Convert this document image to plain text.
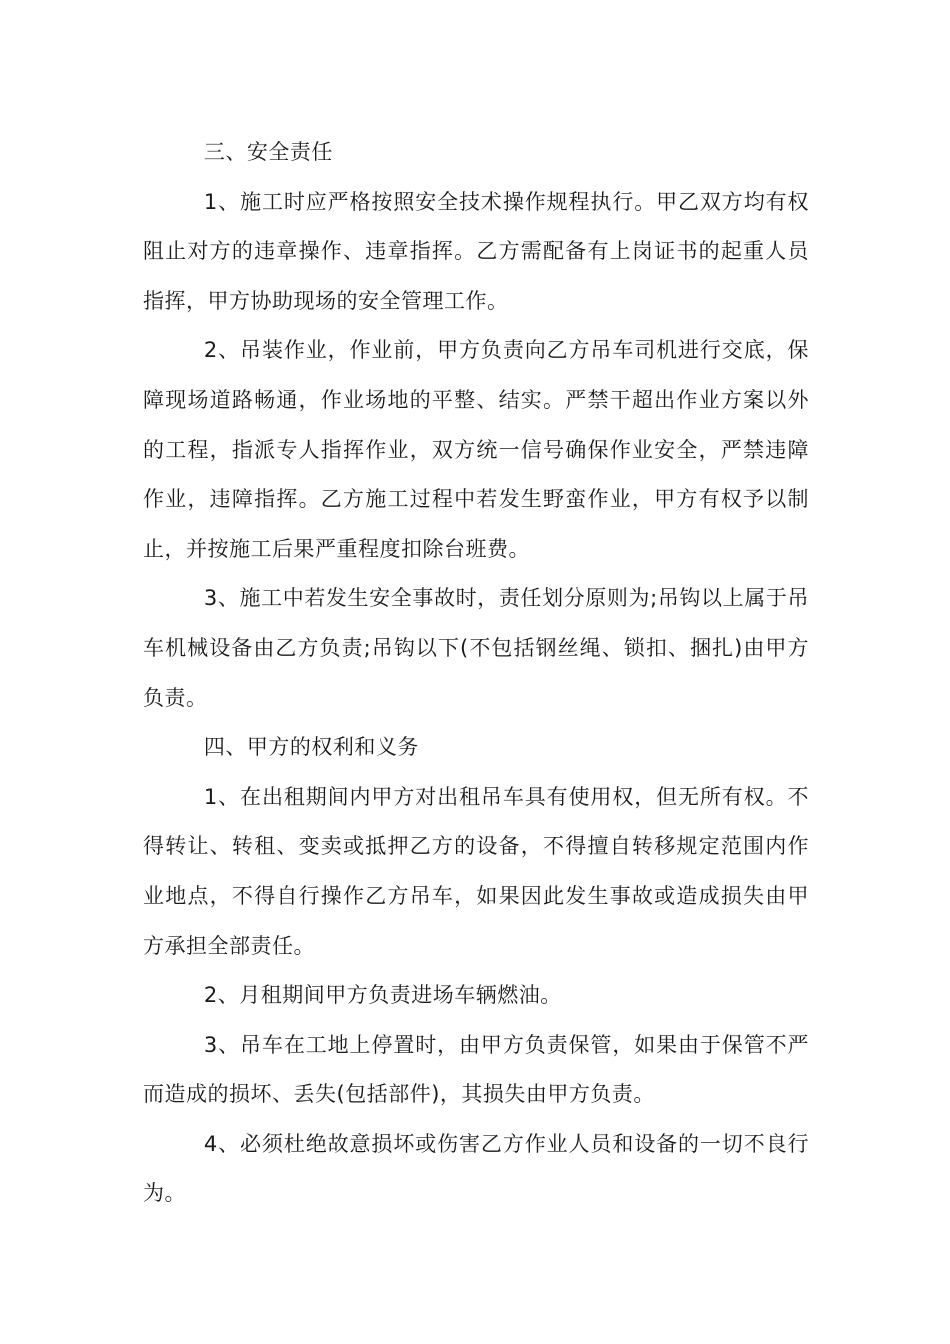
三、安全责任

1、施工时应严格按照安全技术操作规程执行。甲乙双方均有权阻止对方的违章操作、违章指挥。乙方需配备有上岗证书的起重人员指挥，甲方协助现场的安全管理工作。

2、吊装作业，作业前，甲方负责向乙方吊车司机进行交底，保障现场道路畅通，作业场地的平整、结实。严禁干超出作业方案以外的工程，指派专人指挥作业，双方统一信号确保作业安全，严禁违障作业，违障指挥。乙方施工过程中若发生野蛮作业，甲方有权予以制止，并按施工后果严重程度扣除台班费。

3、施工中若发生安全事故时，责任划分原则为;吊钩以上属于吊车机械设备由乙方负责;吊钩以下(不包括钢丝绳、锁扣、捆扎)由甲方负责。

四、甲方的权利和义务

1、在出租期间内甲方对出租吊车具有使用权，但无所有权。不得转让、转租、变卖或抵押乙方的设备，不得擅自转移规定范围内作业地点，不得自行操作乙方吊车，如果因此发生事故或造成损失由甲方承担全部责任。

2、月租期间甲方负责进场车辆燃油。

3、吊车在工地上停置时，由甲方负责保管，如果由于保管不严而造成的损坏、丢失(包括部件)，其损失由甲方负责。

4、必须杜绝故意损坏或伤害乙方作业人员和设备的一切不良行为。
